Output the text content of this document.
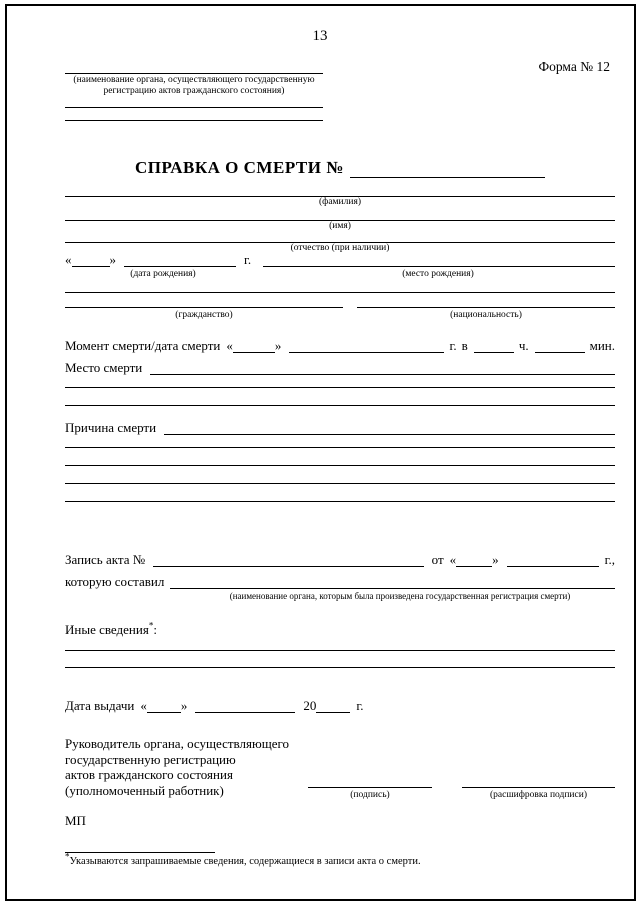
13
Форма № 12
(наименование органа, осуществляющего государственную регистрацию актов гражданского состояния)
СПРАВКА О СМЕРТИ №
(фамилия)
(имя)
(отчество (при наличии)
«	»	г.
(дата рождения)	(место рождения)
(гражданство)	(национальность)
Момент смерти/дата смерти «	»	г. в	ч.	мин.
Место смерти
Причина смерти
Запись акта №	от «	»	г.,
которую составил
(наименование органа, которым была произведена государственная регистрация смерти)
Иные сведения*:
Дата выдачи «	»	20	г.
Руководитель органа, осуществляющего
государственную регистрацию
актов гражданского состояния
(уполномоченный работник)	(подпись)	(расшифровка подписи)
МП
*Указываются запрашиваемые сведения, содержащиеся в записи акта о смерти.
